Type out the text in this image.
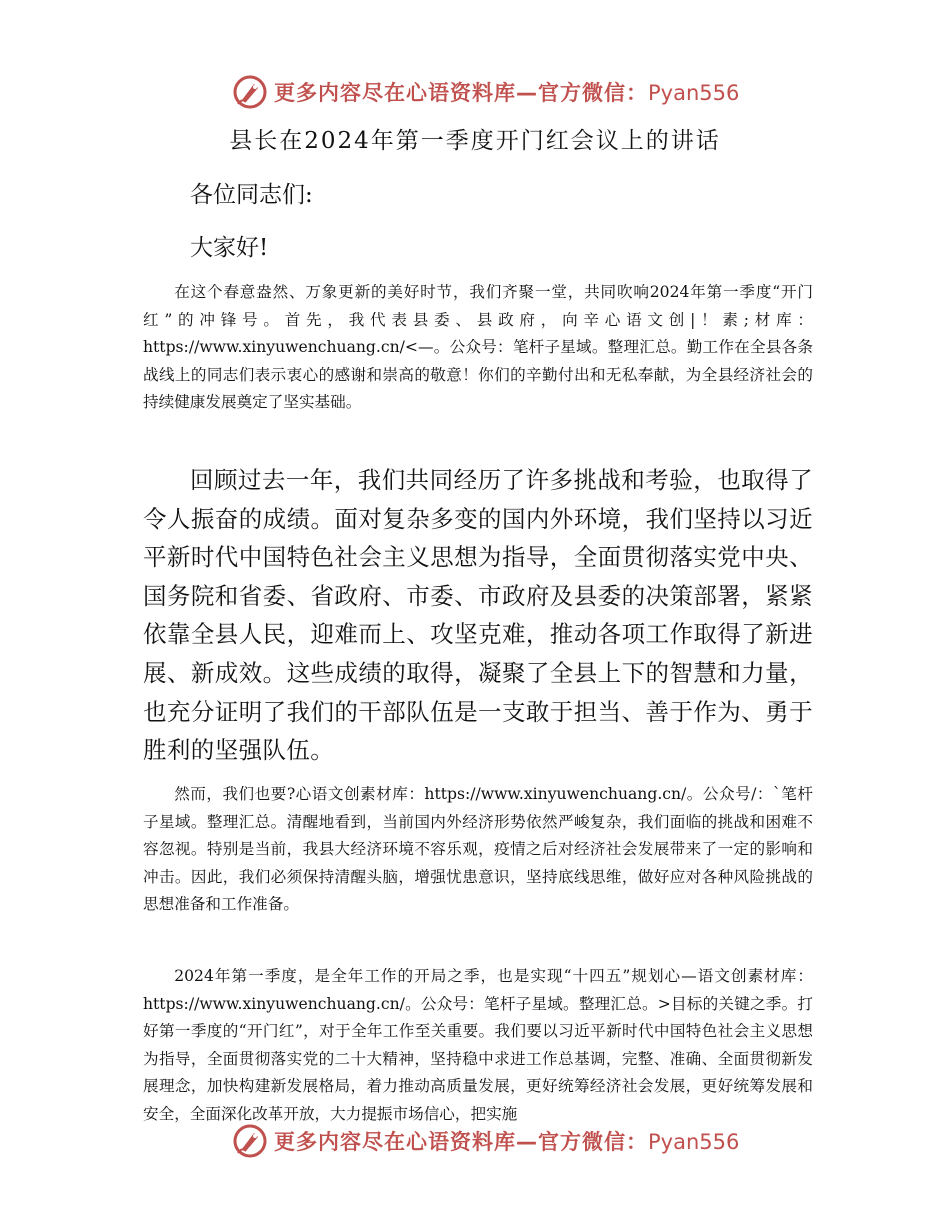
更多内容尽在心语资料库—官方微信：Pyan556
县长在2024年第一季度开门红会议上的讲话
各位同志们:
大家好!

在这个春意盎然、万象更新的美好时节，我们齐聚一堂，共同吹响2024年第一季度“开门红”的冲锋号。首先，我代表县委、县政府，向辛心语文创|！素;材库：https://www.xinyuwenchuang.cn/<—。公众号：笔杆子星域。整理汇总。勤工作在全县各条战线上的同志们表示衷心的感谢和崇高的敬意！你们的辛勤付出和无私奉献，为全县经济社会的持续健康发展奠定了坚实基础。

回顾过去一年，我们共同经历了许多挑战和考验，也取得了令人振奋的成绩。面对复杂多变的国内外环境，我们坚持以习近平新时代中国特色社会主义思想为指导，全面贯彻落实党中央、国务院和省委、省政府、市委、市政府及县委的决策部署，紧紧依靠全县人民，迎难而上、攻坚克难，推动各项工作取得了新进展、新成效。这些成绩的取得，凝聚了全县上下的智慧和力量，也充分证明了我们的干部队伍是一支敢于担当、善于作为、勇于胜利的坚强队伍。

然而，我们也要?心语文创素材库：https://www.xinyuwenchuang.cn/。公众号/：`笔杆子星域。整理汇总。清醒地看到，当前国内外经济形势依然严峻复杂，我们面临的挑战和困难不容忽视。特别是当前，我县大经济环境不容乐观，疫情之后对经济社会发展带来了一定的影响和冲击。因此，我们必须保持清醒头脑，增强忧患意识，坚持底线思维，做好应对各种风险挑战的思想准备和工作准备。

2024年第一季度，是全年工作的开局之季，也是实现“十四五”规划心—语文创素材库：https://www.xinyuwenchuang.cn/。公众号：笔杆子星域。整理汇总。>目标的关键之季。打好第一季度的“开门红”，对于全年工作至关重要。我们要以习近平新时代中国特色社会主义思想为指导，全面贯彻落实党的二十大精神，坚持稳中求进工作总基调，完整、准确、全面贯彻新发展理念，加快构建新发展格局，着力推动高质量发展，更好统筹经济社会发展，更好统筹发展和安全，全面深化改革开放，大力提振市场信心，把实施

更多内容尽在心语资料库—官方微信：Pyan556
